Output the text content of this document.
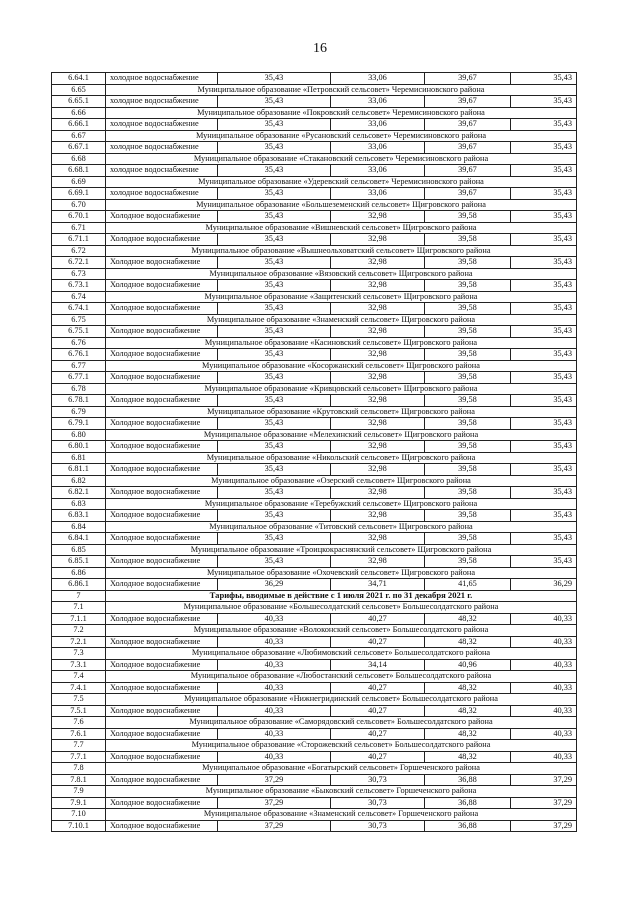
16
6.64.1	холодное водоснабжение	35,43	33,06	39,67	35,43
6.65	Муниципальное образование «Петровский сельсовет» Черемисиновского района				
6.65.1	холодное водоснабжение	35,43	33,06	39,67	35,43
6.66	Муниципальное образование «Покровский сельсовет» Черемисиновского района				
6.66.1	холодное водоснабжение	35,43	33,06	39,67	35,43
6.67	Муниципальное образование «Русановский сельсовет» Черемисиновского района				
6.67.1	холодное водоснабжение	35,43	33,06	39,67	35,43
6.68	Муниципальное образование «Стакановский сельсовет» Черемисиновского района				
6.68.1	холодное водоснабжение	35,43	33,06	39,67	35,43
6.69	Муниципальное образование «Удеревский сельсовет» Черемисиновского района				
6.69.1	холодное водоснабжение	35,43	33,06	39,67	35,43
6.70	Муниципальное образование «Большеземенский сельсовет» Щигровского района				
6.70.1	Холодное водоснабжение	35,43	32,98	39,58	35,43
6.71	Муниципальное образование «Вишневский сельсовет» Щигровского района				
6.71.1	Холодное водоснабжение	35,43	32,98	39,58	35,43
6.72	Муниципальное образование «Вышнеольховатский сельсовет» Щигровского района				
6.72.1	Холодное водоснабжение	35,43	32,98	39,58	35,43
6.73	Муниципальное образование «Вязовский сельсовет» Щигровского района				
6.73.1	Холодное водоснабжение	35,43	32,98	39,58	35,43
6.74	Муниципальное образование «Защитенский сельсовет» Щигровского района				
6.74.1	Холодное водоснабжение	35,43	32,98	39,58	35,43
6.75	Муниципальное образование «Знаменский сельсовет» Щигровского района				
6.75.1	Холодное водоснабжение	35,43	32,98	39,58	35,43
6.76	Муниципальное образование «Касиновский сельсовет» Щигровского района				
6.76.1	Холодное водоснабжение	35,43	32,98	39,58	35,43
6.77	Муниципальное образование «Косоржанский сельсовет» Щигровского района				
6.77.1	Холодное водоснабжение	35,43	32,98	39,58	35,43
6.78	Муниципальное образование «Кривцовский сельсовет» Щигровского района				
6.78.1	Холодное водоснабжение	35,43	32,98	39,58	35,43
6.79	Муниципальное образование «Крутовский сельсовет» Щигровского района				
6.79.1	Холодное водоснабжение	35,43	32,98	39,58	35,43
6.80	Муниципальное образование «Мелехинский сельсовет» Щигровского района				
6.80.1	Холодное водоснабжение	35,43	32,98	39,58	35,43
6.81	Муниципальное образование «Никольский сельсовет» Щигровского района				
6.81.1	Холодное водоснабжение	35,43	32,98	39,58	35,43
6.82	Муниципальное образование «Озерский сельсовет» Щигровского района				
6.82.1	Холодное водоснабжение	35,43	32,98	39,58	35,43
6.83	Муниципальное образование «Теребужский сельсовет» Щигровского района				
6.83.1	Холодное водоснабжение	35,43	32,98	39,58	35,43
6.84	Муниципальное образование «Титовский сельсовет» Щигровского района				
6.84.1	Холодное водоснабжение	35,43	32,98	39,58	35,43
6.85	Муниципальное образование «Троицкокраснянский сельсовет» Щигровского района				
6.85.1	Холодное водоснабжение	35,43	32,98	39,58	35,43
6.86	Муниципальное образование «Охочевский сельсовет» Щигровского района				
6.86.1	Холодное водоснабжение	36,29	34,71	41,65	36,29
7	Тарифы, вводимые в действие с 1 июля 2021 г. по 31 декабря 2021 г.				
7.1	Муниципальное образование «Большесолдатский сельсовет» Большесолдатского района				
7.1.1	Холодное водоснабжение	40,33	40,27	48,32	40,33
7.2	Муниципальное образование «Волоконский сельсовет» Большесолдатского района				
7.2.1	Холодное водоснабжение	40,33	40,27	48,32	40,33
7.3	Муниципальное образование «Любимовский сельсовет» Большесолдатского района				
7.3.1	Холодное водоснабжение	40,33	34,14	40,96	40,33
7.4	Муниципальное образование «Любостанский сельсовет» Большесолдатского района				
7.4.1	Холодное водоснабжение	40,33	40,27	48,32	40,33
7.5	Муниципальное образование «Нижнегридинский сельсовет» Большесолдатского района				
7.5.1	Холодное водоснабжение	40,33	40,27	48,32	40,33
7.6	Муниципальное образование «Саморядовский сельсовет» Большесолдатского района				
7.6.1	Холодное водоснабжение	40,33	40,27	48,32	40,33
7.7	Муниципальное образование «Сторожевский сельсовет» Большесолдатского района				
7.7.1	Холодное водоснабжение	40,33	40,27	48,32	40,33
7.8	Муниципальное образование «Богатырский сельсовет» Горшеченского района				
7.8.1	Холодное водоснабжение	37,29	30,73	36,88	37,29
7.9	Муниципальное образование «Быковский сельсовет» Горшеченского района				
7.9.1	Холодное водоснабжение	37,29	30,73	36,88	37,29
7.10	Муниципальное образование «Знаменский сельсовет» Горшеченского района				
7.10.1	Холодное водоснабжение	37,29	30,73	36,88	37,29
